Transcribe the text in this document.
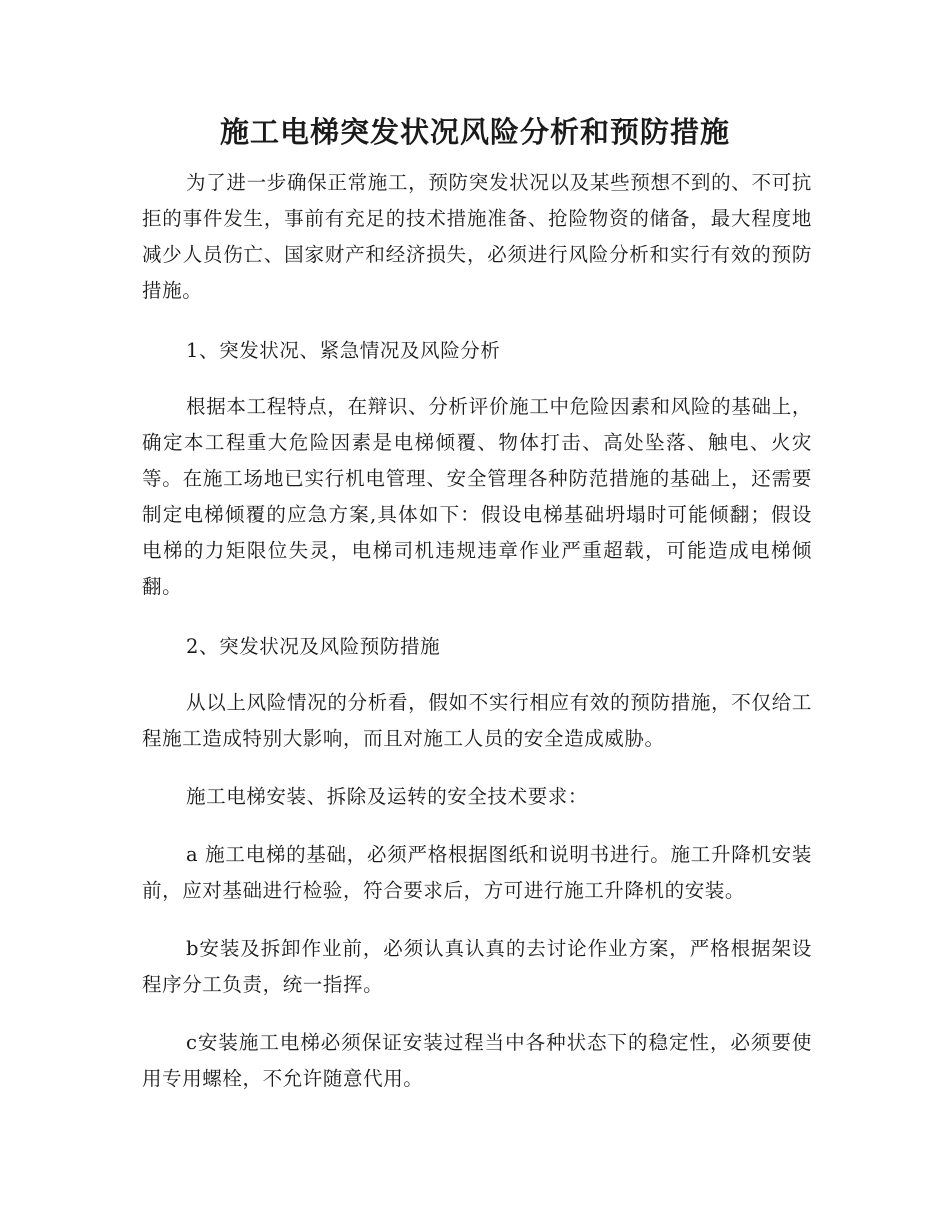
施工电梯突发状况风险分析和预防措施

为了进一步确保正常施工，预防突发状况以及某些预想不到的、不可抗拒的事件发生，事前有充足的技术措施准备、抢险物资的储备，最大程度地减少人员伤亡、国家财产和经济损失，必须进行风险分析和实行有效的预防措施。

1、突发状况、紧急情况及风险分析

根据本工程特点，在辩识、分析评价施工中危险因素和风险的基础上，确定本工程重大危险因素是电梯倾覆、物体打击、高处坠落、触电、火灾等。在施工场地已实行机电管理、安全管理各种防范措施的基础上，还需要制定电梯倾覆的应急方案,具体如下：假设电梯基础坍塌时可能倾翻；假设电梯的力矩限位失灵，电梯司机违规违章作业严重超载，可能造成电梯倾翻。

2、突发状况及风险预防措施

从以上风险情况的分析看，假如不实行相应有效的预防措施，不仅给工程施工造成特别大影响，而且对施工人员的安全造成威胁。

施工电梯安装、拆除及运转的安全技术要求：

a 施工电梯的基础，必须严格根据图纸和说明书进行。施工升降机安装前，应对基础进行检验，符合要求后，方可进行施工升降机的安装。

b安装及拆卸作业前，必须认真认真的去讨论作业方案，严格根据架设程序分工负责，统一指挥。

c安装施工电梯必须保证安装过程当中各种状态下的稳定性，必须要使用专用螺栓，不允许随意代用。
